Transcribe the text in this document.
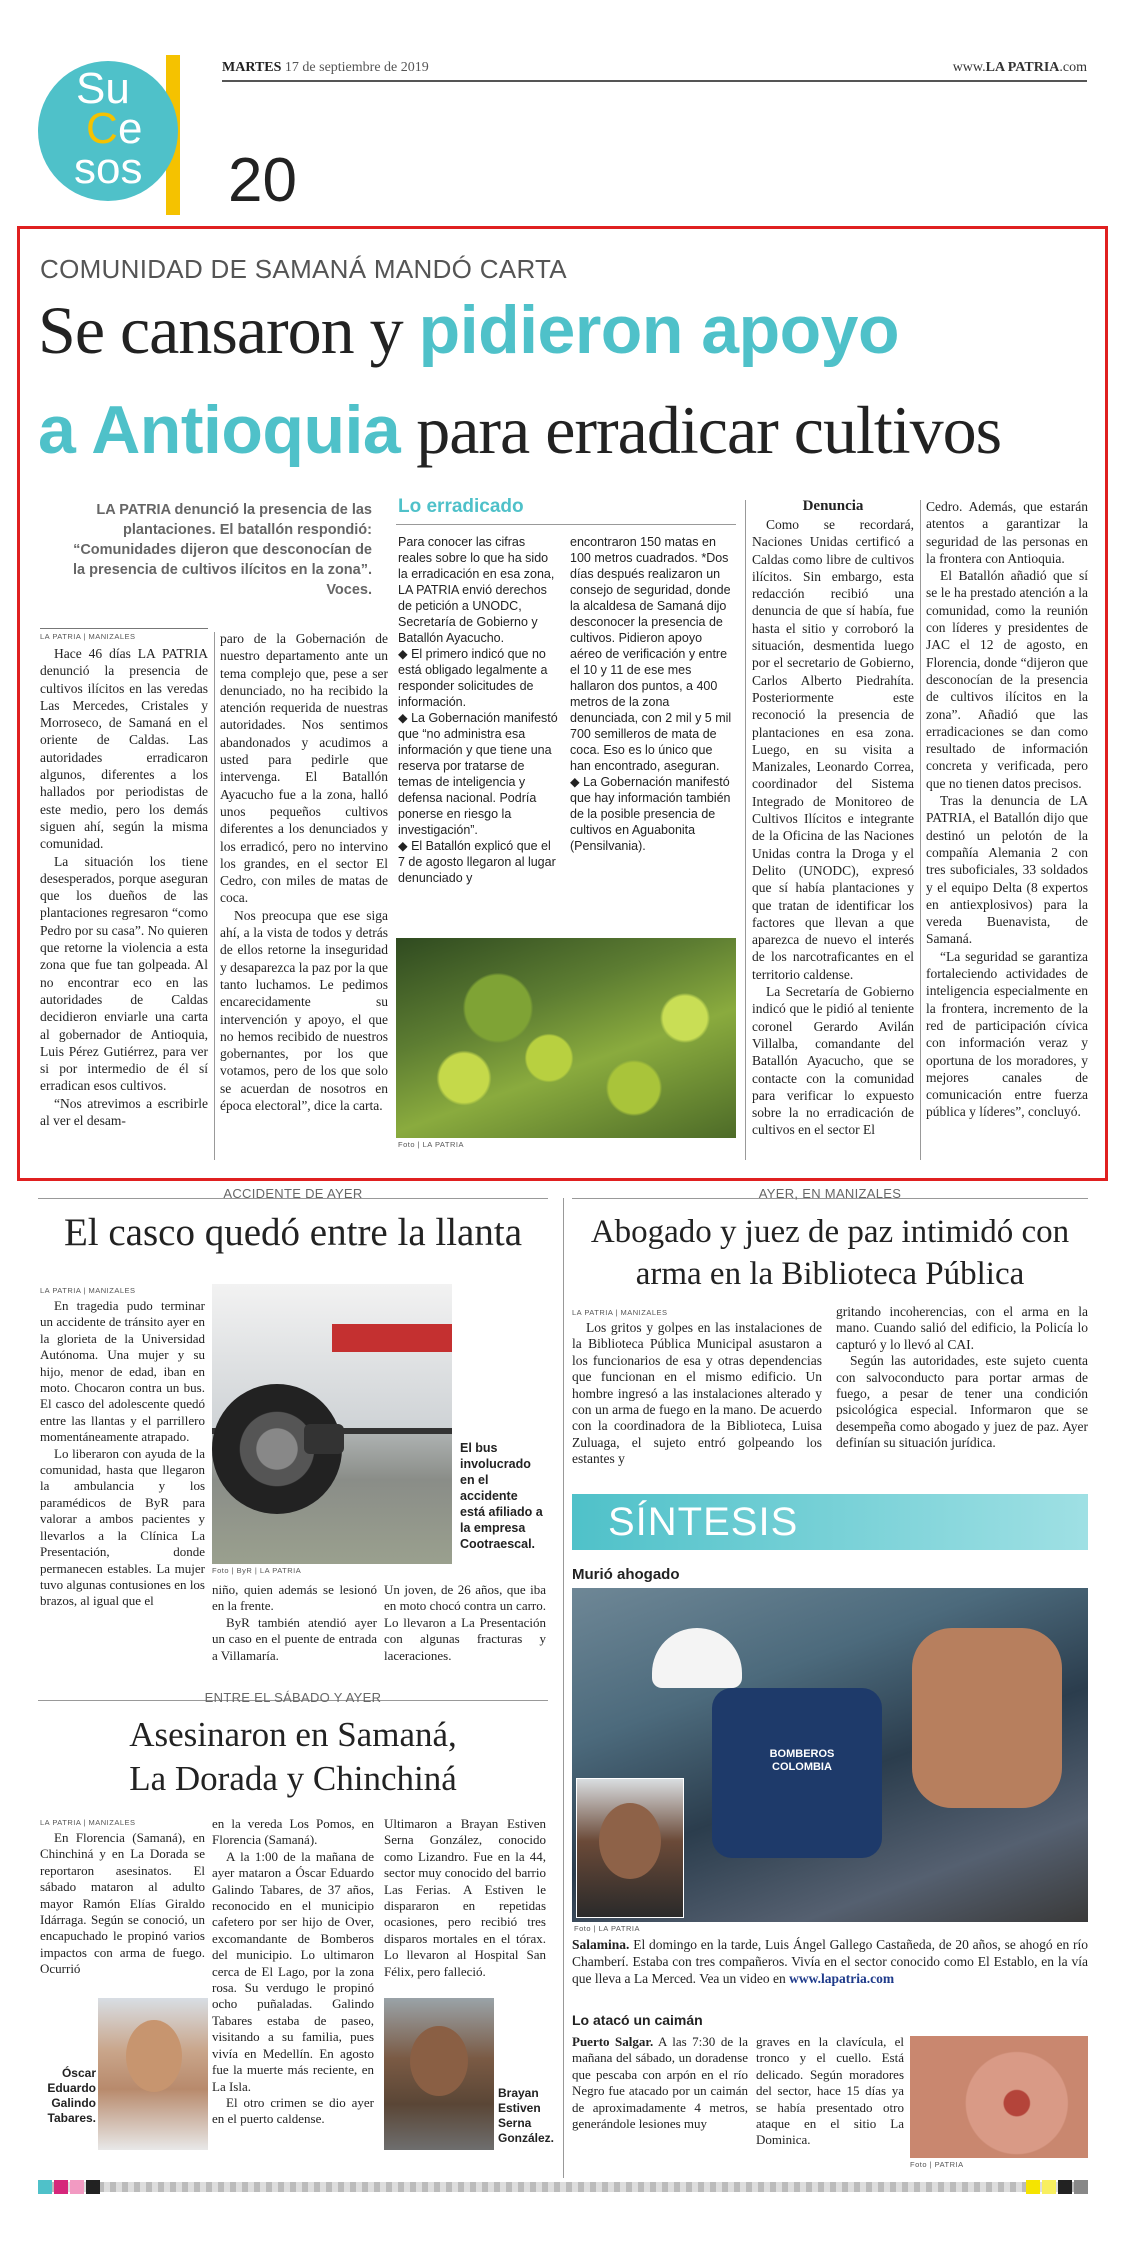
Su
C e
sos
MARTES 17 de septiembre de 2019	www.LA PATRIA.com
20
COMUNIDAD DE SAMANÁ MANDÓ CARTA
Se cansaron y pidieron apoyo
a Antioquia para erradicar cultivos
LA PATRIA denunció la presencia de las plantaciones. El batallón respondió: “Comunidades dijeron que desconocían de la presencia de cultivos ilícitos en la zona”. Voces.
LA PATRIA | MANIZALES

Hace 46 días LA PATRIA denunció la presencia de cultivos ilícitos en las veredas Las Mercedes, Cristales y Morroseco, de Samaná en el oriente de Caldas. Las autoridades erradicaron algunos, diferentes a los hallados por periodistas de este medio, pero los demás siguen ahí, según la misma comunidad.

La situación los tiene desesperados, porque aseguran que los dueños de las plantaciones regresaron “como Pedro por su casa”. No quieren que retorne la violencia a esta zona que fue tan golpeada. Al no encontrar eco en las autoridades de Caldas decidieron enviarle una carta al gobernador de Antioquia, Luis Pérez Gutiérrez, para ver si por intermedio de él sí erradican esos cultivos.

“Nos atrevimos a escribirle al ver el desam-

paro de la Gobernación de nuestro departamento ante un tema complejo que, pese a ser denunciado, no ha recibido la atención requerida de nuestras autoridades. Nos sentimos abandonados y acudimos a usted para pedirle que intervenga. El Batallón Ayacucho fue a la zona, halló unos pequeños cultivos diferentes a los denunciados y los erradicó, pero no intervino los grandes, en el sector El Cedro, con miles de matas de coca.

Nos preocupa que ese siga ahí, a la vista de todos y detrás de ellos retorne la inseguridad y desaparezca la paz por la que tanto luchamos. Le pedimos encarecidamente su intervención y apoyo, el que no hemos recibido de nuestros gobernantes, por los que votamos, pero de los que solo se acuerdan de nosotros en época electoral”, dice la carta.

Lo erradicado
Para conocer las cifras reales sobre lo que ha sido la erradicación en esa zona, LA PATRIA envió derechos de petición a UNODC, Secretaría de Gobierno y Batallón Ayacucho.
◆ El primero indicó que no está obligado legalmente a responder solicitudes de información.
◆ La Gobernación manifestó que “no administra esa información y que tiene una reserva por tratarse de temas de inteligencia y defensa nacional. Podría ponerse en riesgo la investigación”.
◆ El Batallón explicó que el 7 de agosto llegaron al lugar denunciado y
encontraron 150 matas en 100 metros cuadrados. *Dos días después realizaron un consejo de seguridad, donde la alcaldesa de Samaná dijo desconocer la presencia de cultivos. Pidieron apoyo aéreo de verificación y entre el 10 y 11 de ese mes hallaron dos puntos, a 400 metros de la zona denunciada, con 2 mil y 5 mil 700 semilleros de mata de coca. Eso es lo único que han encontrado, aseguran.
◆ La Gobernación manifestó que hay información también de la posible presencia de cultivos en Aguabonita (Pensilvania).
Foto | LA PATRIA
Denuncia

Como se recordará, Naciones Unidas certificó a Caldas como libre de cultivos ilícitos. Sin embargo, esta redacción recibió una denuncia de que sí había, fue hasta el sitio y corroboró la situación, desmentida luego por el secretario de Gobierno, Carlos Alberto Piedrahíta. Posteriormente este reconoció la presencia de plantaciones en esa zona. Luego, en su visita a Manizales, Leonardo Correa, coordinador del Sistema Integrado de Monitoreo de Cultivos Ilícitos e integrante de la Oficina de las Naciones Unidas contra la Droga y el Delito (UNODC), expresó que sí había plantaciones y que tratan de identificar los factores que llevan a que aparezca de nuevo el interés de los narcotraficantes en el territorio caldense.

La Secretaría de Gobierno indicó que le pidió al teniente coronel Gerardo Avilán Villalba, comandante del Batallón Ayacucho, que se contacte con la comunidad para verificar lo expuesto sobre la no erradicación de cultivos en el sector El

Cedro. Además, que estarán atentos a garantizar la seguridad de las personas en la frontera con Antioquia.

El Batallón añadió que sí se le ha prestado atención a la comunidad, como la reunión con líderes y presidentes de JAC el 12 de agosto, en Florencia, donde “dijeron que desconocían de la presencia de cultivos ilícitos en la zona”. Añadió que las erradicaciones se dan como resultado de información concreta y verificada, pero que no tienen datos precisos.

Tras la denuncia de LA PATRIA, el Batallón dijo que destinó un pelotón de la compañía Alemania 2 con tres suboficiales, 33 soldados y el equipo Delta (8 expertos en antiexplosivos) para la vereda Buenavista, de Samaná.

“La seguridad se garantiza fortaleciendo actividades de inteligencia especialmente en la frontera, incremento de la red de participación cívica con información veraz y oportuna de los moradores, y mejores canales de comunicación entre fuerza pública y líderes”, concluyó.

ACCIDENTE DE AYER
El casco quedó entre la llanta
LA PATRIA | MANIZALES

En tragedia pudo terminar un accidente de tránsito ayer en la glorieta de la Universidad Autónoma. Una mujer y su hijo, menor de edad, iban en moto. Chocaron contra un bus. El casco del adolescente quedó entre las llantas y el parrillero momentáneamente atrapado.

Lo liberaron con ayuda de la comunidad, hasta que llegaron la ambulancia y los paramédicos de ByR para valorar a ambos pacientes y llevarlos a la Clínica La Presentación, donde permanecen estables. La mujer tuvo algunas contusiones en los brazos, al igual que el

Foto | ByR | LA PATRIA
El bus involucrado en el accidente está afiliado a la empresa Cootraescal.

niño, quien además se lesionó en la frente.

ByR también atendió ayer un caso en el puente de entrada a Villamaría.

Un joven, de 26 años, que iba en moto chocó contra un carro. Lo llevaron a La Presentación con algunas fracturas y laceraciones.

ENTRE EL SÁBADO Y AYER
Asesinaron en Samaná,
La Dorada y Chinchiná
LA PATRIA | MANIZALES

En Florencia (Samaná), en Chinchiná y en La Dorada se reportaron asesinatos. El sábado mataron al adulto mayor Ramón Elías Giraldo Idárraga. Según se conoció, un encapuchado le propinó varios impactos con arma de fuego. Ocurrió

Óscar Eduardo Galindo Tabares.

en la vereda Los Pomos, en Florencia (Samaná).

A la 1:00 de la mañana de ayer mataron a Óscar Eduardo Galindo Tabares, de 37 años, reconocido en el municipio cafetero por ser hijo de Over, excomandante de Bomberos del municipio. Lo ultimaron cerca de El Lago, por la zona rosa. Su verdugo le propinó ocho puñaladas. Galindo Tabares estaba de paseo, visitando a su familia, pues vivía en Medellín. En agosto fue la muerte más reciente, en La Isla.

El otro crimen se dio ayer en el puerto caldense.

Ultimaron a Brayan Estiven Serna González, conocido como Lizandro. Fue en la 44, sector muy conocido del barrio Las Ferias. A Estiven le dispararon en repetidas ocasiones, pero recibió tres disparos mortales en el tórax. Lo llevaron al Hospital San Félix, pero falleció.

Brayan Estiven Serna González.
AYER, EN MANIZALES
Abogado y juez de paz intimidó con
arma en la Biblioteca Pública
LA PATRIA | MANIZALES

Los gritos y golpes en las instalaciones de la Biblioteca Pública Municipal asustaron a los funcionarios de esa y otras dependencias que funcionan en el mismo edificio. Un hombre ingresó a las instalaciones alterado y con un arma de fuego en la mano. De acuerdo con la coordinadora de la Biblioteca, Luisa Zuluaga, el sujeto entró golpeando los estantes y

gritando incoherencias, con el arma en la mano. Cuando salió del edificio, la Policía lo capturó y lo llevó al CAI.

Según las autoridades, este sujeto cuenta con salvoconducto para portar armas de fuego, a pesar de tener una condición psicológica especial. Informaron que se desempeña como abogado y juez de paz. Ayer definían su situación jurídica.

SÍNTESIS
Murió ahogado
BOMBEROS COLOMBIA
Foto | LA PATRIA
Salamina. El domingo en la tarde, Luis Ángel Gallego Castañeda, de 20 años, se ahogó en río Chamberí. Estaba con tres compañeros. Vivía en el sector conocido como El Establo, en la vía que lleva a La Merced. Vea un video en www.lapatria.com
Lo atacó un caimán

Puerto Salgar. A las 7:30 de la mañana del sábado, un doradense que pescaba con arpón en el río Negro fue atacado por un caimán de aproximadamente 4 metros, generándole lesiones muy

graves en la clavícula, el tronco y el cuello. Está delicado. Según moradores del sector, hace 15 días ya se había presentado otro ataque en el sitio La Dominica.

Foto | PATRIA
